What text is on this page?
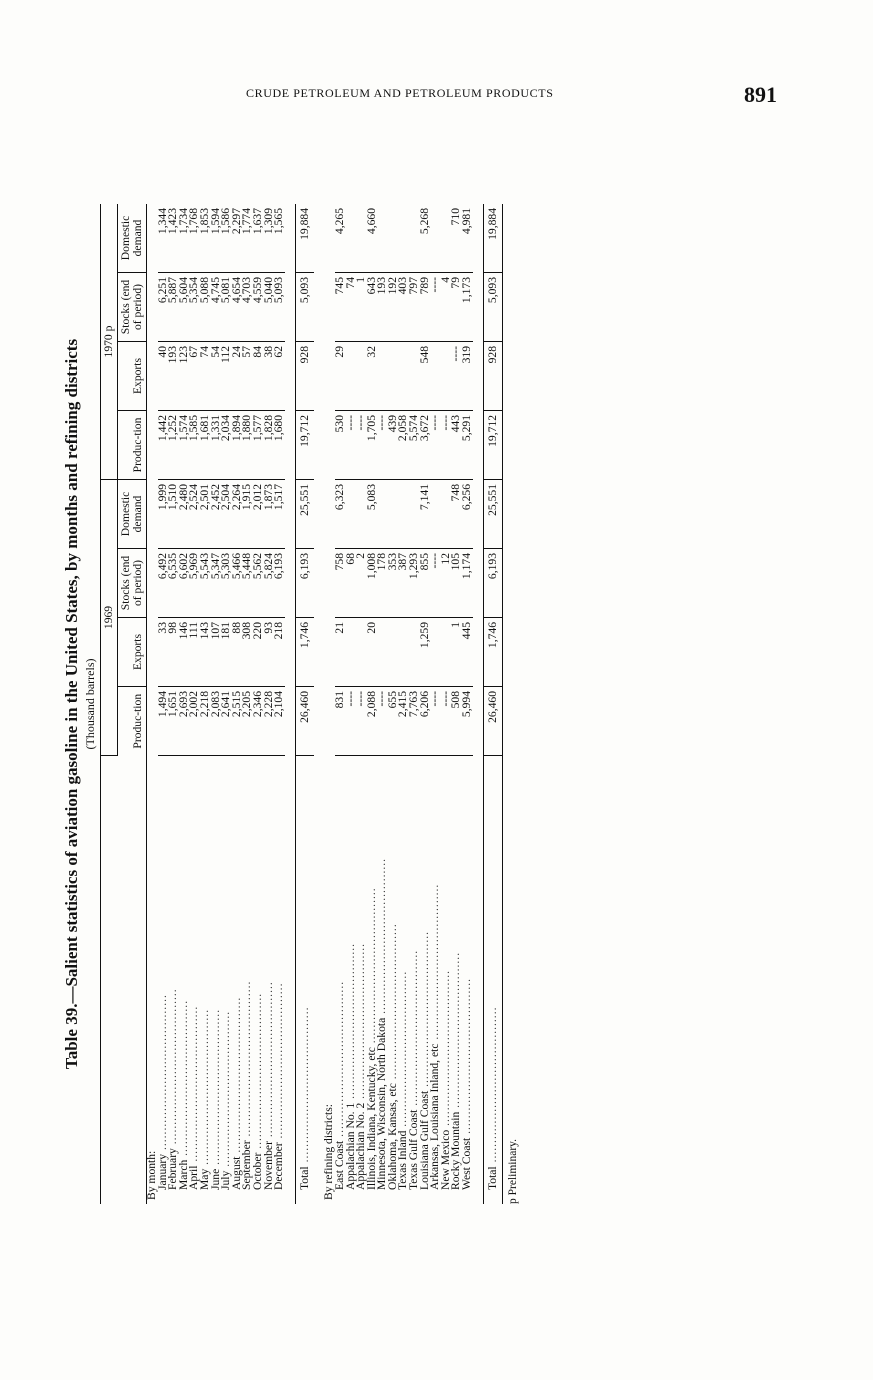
CRUDE PETROLEUM AND PETROLEUM PRODUCTS	891
Table 39.—Salient statistics of aviation gasoline in the United States, by months and refining districts (Thousand barrels)
	1969				1970 p			
	Produc-tion	Exports	Stocks (end of period)	Domestic demand	Produc-tion	Exports	Stocks (end of period)	Domestic demand
By month:								
January ........................................	1,494	33	6,492	1,999	1,442	40	6,251	1,344
February ........................................	1,651	98	6,535	1,510	1,252	193	5,887	1,423
March ........................................	2,693	146	6,602	2,480	1,574	123	5,604	1,734
April ........................................	2,002	111	5,969	2,524	1,585	67	5,354	1,768
May ........................................	2,218	143	5,543	2,501	1,681	74	5,088	1,853
June ........................................	2,083	107	5,347	2,452	1,331	54	4,745	1,594
July ........................................	2,641	181	5,303	2,504	2,034	112	5,081	1,586
August ........................................	2,515	88	5,466	2,264	1,894	24	4,654	2,297
September ........................................	2,205	308	5,448	1,915	1,880	57	4,703	1,774
October ........................................	2,346	220	5,562	2,012	1,577	84	4,559	1,637
November ........................................	2,228	93	5,824	1,873	1,828	38	5,040	1,309
December ........................................	2,104	218	6,193	1,517	1,680	62	5,093	1,565

Total ........................................	26,460	1,746	6,193	25,551	19,712	928	5,093	19,884

By refining districts:								
East Coast ........................................	831	21	758	6,323	530	29	745	4,265
Appalachian No. 1 ........................................	----		68		----		74	
Appalachian No. 2 ........................................	----		2		----		1	
Illinois, Indiana, Kentucky, etc ........................................	2,088	20	1,008	5,083	1,705	32	643	4,660
Minnesota, Wisconsin, North Dakota ........................................	----		178		----		193	
Oklahoma, Kansas, etc ........................................	655		353		439		192	
Texas Inland ........................................	2,415		387		2,058		403	
Texas Gulf Coast ........................................	7,763		1,293		5,574		797	
Louisiana Gulf Coast ........................................	6,206	1,259	855	7,141	3,672	548	789	5,268
Arkansas, Louisiana Inland, etc ........................................	----		----		----		----	
New Mexico ........................................	----		12		----		4	
Rocky Mountain ........................................	508	1	105	748	443	----	79	710
West Coast ........................................	5,994	445	1,174	6,256	5,291	319	1,173	4,981

Total ........................................	26,460	1,746	6,193	25,551	19,712	928	5,093	19,884
p Preliminary.
